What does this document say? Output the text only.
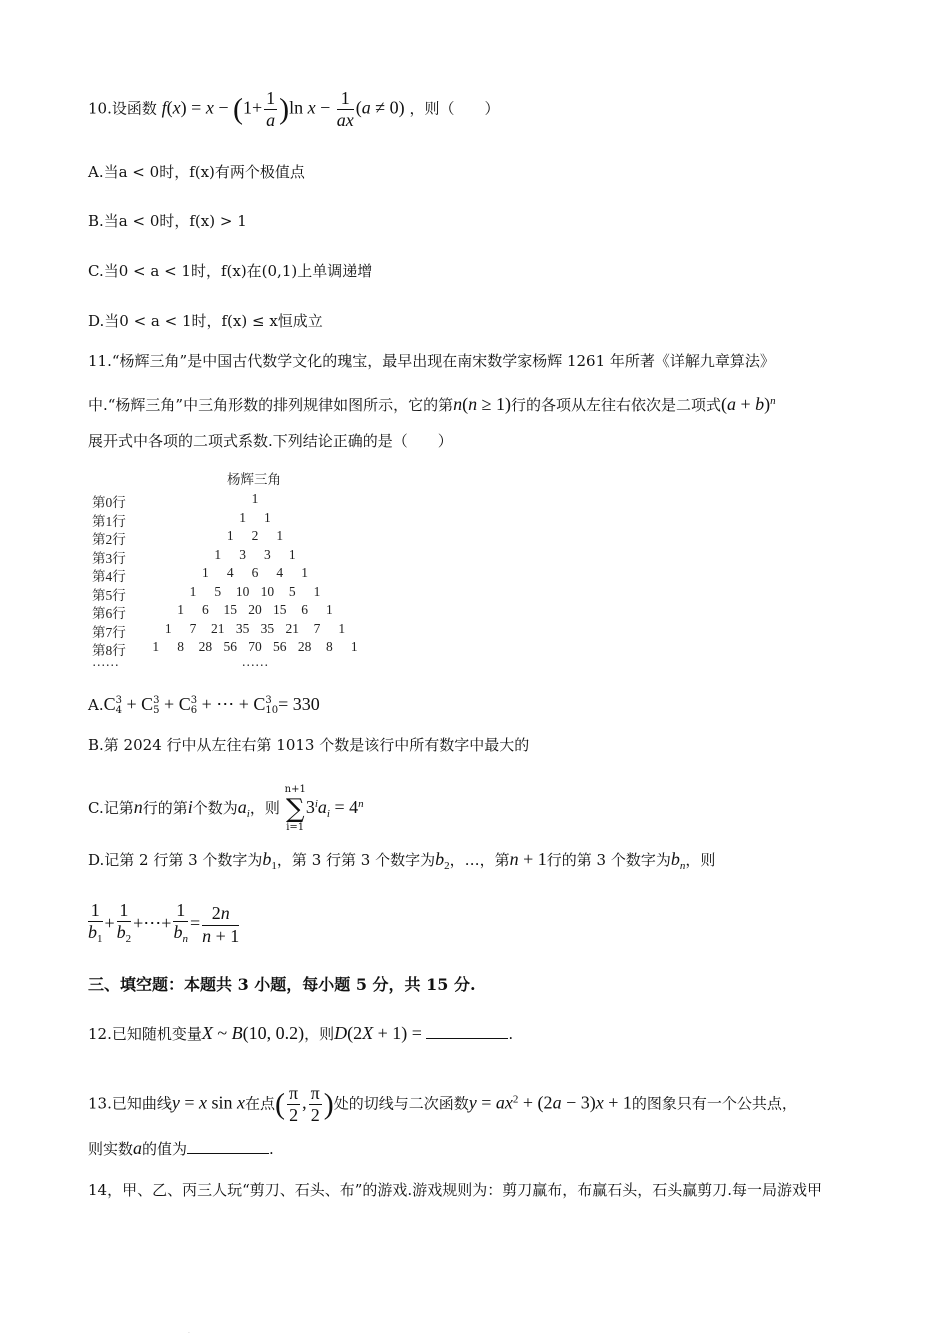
10.设函数 $f(x) = x - (1+ \frac{1}{a} )\ln$ $x - \frac{1}{ax} (a \ne 0)$ ，则（　　）
A.当a < 0时，f(x)有两个极值点
B.当a < 0时，f(x) > 1
C.当0 < a < 1时，f(x)在(0,1)上单调递增
D.当0 < a < 1时，f(x) ≤ x恒成立
11.“杨辉三角”是中国古代数学文化的瑰宝，最早出现在南宋数学家杨辉 1261 年所著《详解九章算法》
中.“杨辉三角”中三角形数的排列规律如图所示，它的第n(n ≥ 1)行的各项从左往右依次是二项式$(a + b)^n$
展开式中各项的二项式系数.下列结论正确的是（　　）
杨辉三角
第0行	1
第1行	1 1
第2行	1 2 1
第3行	1 3 3 1
第4行	1 4 6 4 1
第5行	1 5 10 10 5 1
第6行	1 6 15 20 15 6 1
第7行	1 7 21 35 35 21 7 1
第8行 1 8 28 56 70 56 28 8 1
……	……
A.C 3
4 + C 3
5 + C 3
6 + ⋯ + C 3
10 = 330
B.第 2024 行中从左往右第 1013 个数是该行中所有数字中最大的
C.记第n行的第i个数为$a_i$，则
n+1
∑
i=1
$3^ia_i = 4^n$
D.记第 2 行第 3 个数字为$b_1$，第 3 行第 3 个数字为$b_2$，…，第n + 1行的第 3 个数字为$b_n$，则
$\frac{1}{b_1} + \frac{1}{b_2}$ +⋯+ $\frac{1}{b_n} = \frac{2n}{n + 1}$
三、填空题：本题共 3 小题，每小题 5 分，共 15 分.
12.已知随机变量X ~ B(10, 0.2)，则D(2X + 1) =	.
13.已知曲线y = x sin x在点( $\frac{\pi}{2}$ , $\frac{\pi}{2}$ )处的切线与二次函数$y = ax^2 + (2a - 3)x + 1$的图象只有一个公共点，
则实数a的值为	.
14，甲、乙、丙三人玩“剪刀、石头、布”的游戏.游戏规则为：剪刀赢布，布赢石头，石头赢剪刀.每一局游戏甲
·
